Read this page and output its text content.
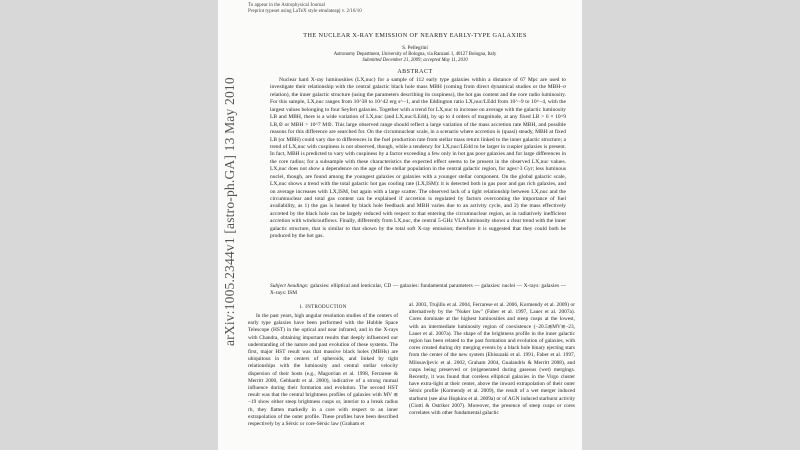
To appear in the Astrophysical Journal
Preprint typeset using LaTeX style emulateapj v. 2/16/10
THE NUCLEAR X-RAY EMISSION OF NEARBY EARLY-TYPE GALAXIES
S. Pellegrini
Astronomy Department, University of Bologna, via Ranzani 1, 40127 Bologna, Italy
Submitted December 21, 2009; accepted May 11, 2010
ABSTRACT
Nuclear hard X-ray luminosities (LX,nuc) for a sample of 112 early type galaxies within a distance of 67 Mpc are used to investigate their relationship with the central galactic black hole mass MBH (coming from direct dynamical studies or the MBH–σ relation), the inner galactic structure (using the parameters describing its cuspiness), the hot gas content and the core radio luminosity. For this sample, LX,nuc ranges from 10^38 to 10^42 erg s^−1, and the Eddington ratio LX,nuc/LEdd from 10^−9 to 10^−4, with the largest values belonging to four Seyfert galaxies. Together with a trend for LX,nuc to increase on average with the galactic luminosity LB and MBH, there is a wide variation of LX,nuc (and LX,nuc/LEdd), by up to 4 orders of magnitude, at any fixed LB > 6 × 10^9 LB,⊙ or MBH > 10^7 M⊙. This large observed range should reflect a large variation of the mass accretion rate ṀBH, and possible reasons for this difference are searched for. On the circumnuclear scale, in a scenario where accretion is (quasi) steady, ṀBH at fixed LB (or MBH) could vary due to differences in the fuel production rate from stellar mass return linked to the inner galactic structure; a trend of LX,nuc with cuspiness is not observed, though, while a tendency for LX,nuc/LEdd to be larger in cuspier galaxies is present. In fact, MBH is predicted to vary with cuspiness by a factor exceeding a few only in hot gas poor galaxies and for large differences in the core radius; for a subsample with these characteristics the expected effect seems to be present in the observed LX,nuc values. LX,nuc does not show a dependence on the age of the stellar population in the central galactic region, for ages>3 Gyr; less luminous nuclei, though, are found among the youngest galaxies or galaxies with a younger stellar component. On the global galactic scale, LX,nuc shows a trend with the total galactic hot gas cooling rate (LX,ISM): it is detected both in gas poor and gas rich galaxies, and on average increases with LX,ISM, but again with a large scatter. The observed lack of a tight relationship between LX,nuc and the circumnuclear and total gas content can be explained if accretion is regulated by factors overcoming the importance of fuel availability, as 1) the gas is heated by black hole feedback and MBH varies due to an activity cycle, and 2) the mass effectively accreted by the black hole can be largely reduced with respect to that entering the circumnuclear region, as in radiatively inefficient accretion with winds/outflows. Finally, differently from LX,nuc, the central 5-GHz VLA luminosity shows a clear trend with the inner galactic structure, that is similar to that shown by the total soft X-ray emission; therefore it is suggested that they could both be produced by the hot gas.
Subject headings: galaxies: elliptical and lenticular, CD — galaxies: fundamental parameters — galaxies: nuclei — X-rays: galaxies — X-rays: ISM
1. INTRODUCTION
In the past years, high angular resolution studies of the centers of early type galaxies have been performed with the Hubble Space Telescope (HST) in the optical and near infrared, and in the X-rays with Chandra, obtaining important results that deeply influenced our understanding of the nature and past evolution of these systems. The first, major HST result was that massive black holes (MBHs) are ubiquitous in the centers of spheroids, and linked by tight relationships with the luminosity and central stellar velocity dispersion of their hosts (e.g., Magorrian et al. 1998, Ferrarese & Merritt 2000, Gebhardt et al. 2000), indicative of a strong mutual influence during their formation and evolution. The second HST result was that the central brightness profiles of galaxies with MV ≲ −19 show either steep brightness cusps or, interior to a break radius rb, they flatten markedly in a core with respect to an inner extrapolation of the outer profile. These profiles have been described respectively by a Sérsic or core-Sérsic law (Graham et
al. 2003, Trujillo et al. 2004, Ferrarese et al. 2006, Kormendy et al. 2009) or alternatively by the "Nuker law" (Faber et al. 1997, Lauer et al. 2007a). Cores dominate at the highest luminosities and steep cusps at the lowest, with an intermediate luminosity region of coexistence (−20.5≲MV≲−23, Lauer et al. 2007a). The shape of the brightness profile in the inner galactic region has been related to the past formation and evolution of galaxies, with cores created during dry merging events by a black hole binary ejecting stars from the center of the new system (Ebisuzaki et al. 1991, Faber et al. 1997, Milosavljevic et al. 2002, Graham 2004, Gualandris & Merritt 2008), and cusps being preserved or (re)generated during gaseous (wet) mergings. Recently, it was found that coreless elliptical galaxies in the Virgo cluster have extra-light at their center, above the inward extrapolation of their outer Sérsic profile (Kormendy et al. 2009), the result of a wet merger induced starburst (see also Hopkins et al. 2009a) or of AGN induced starburst activity (Ciotti & Ostriker 2007). Moreover, the presence of steep cusps or cores correlates with other fundamental galactic
arXiv:1005.2344v1 [astro-ph.GA] 13 May 2010
